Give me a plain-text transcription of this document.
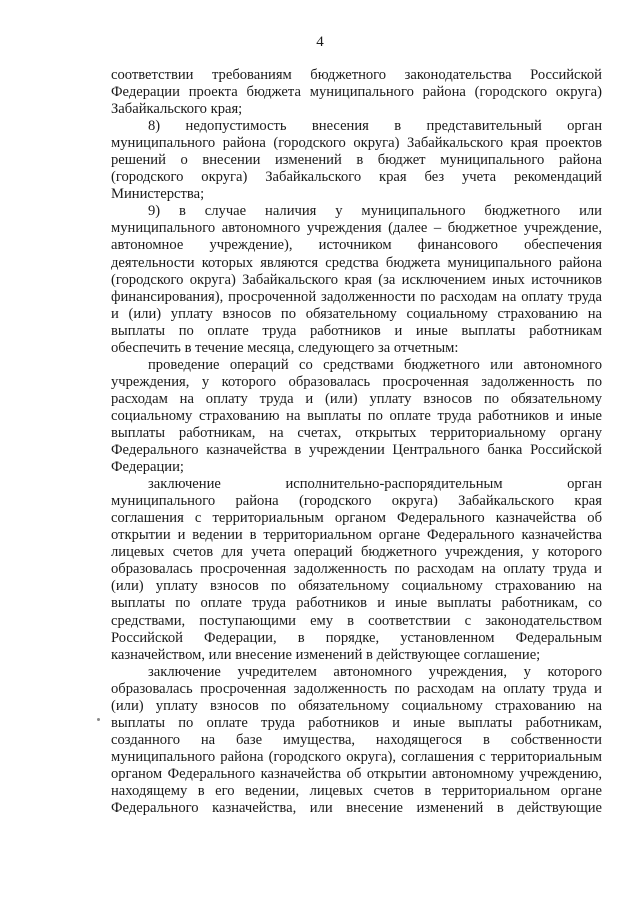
4
соответствии требованиям бюджетного законодательства Российской
Федерации проекта бюджета муниципального района (городского округа)
Забайкальского края;
8) недопустимость внесения в представительный орган
муниципального района (городского округа) Забайкальского края проектов
решений о внесении изменений в бюджет муниципального района
(городского округа) Забайкальского края без учета рекомендаций
Министерства;
9) в случае наличия у муниципального бюджетного или
муниципального автономного учреждения (далее – бюджетное учреждение,
автономное учреждение), источником финансового обеспечения
деятельности которых являются средства бюджета муниципального района
(городского округа) Забайкальского края (за исключением иных источников
финансирования), просроченной задолженности по расходам на оплату труда
и (или) уплату взносов по обязательному социальному страхованию на
выплаты по оплате труда работников и иные выплаты работникам
обеспечить в течение месяца, следующего за отчетным:
проведение операций со средствами бюджетного или автономного
учреждения, у которого образовалась просроченная задолженность по
расходам на оплату труда и (или) уплату взносов по обязательному
социальному страхованию на выплаты по оплате труда работников и иные
выплаты работникам, на счетах, открытых территориальному органу
Федерального казначейства в учреждении Центрального банка Российской
Федерации;
заключение исполнительно-распорядительным орган
муниципального района (городского округа) Забайкальского края
соглашения с территориальным органом Федерального казначейства об
открытии и ведении в территориальном органе Федерального казначейства
лицевых счетов для учета операций бюджетного учреждения, у которого
образовалась просроченная задолженность по расходам на оплату труда и
(или) уплату взносов по обязательному социальному страхованию на
выплаты по оплате труда работников и иные выплаты работникам, со
средствами, поступающими ему в соответствии с законодательством
Российской Федерации, в порядке, установленном Федеральным
казначейством, или внесение изменений в действующее соглашение;
заключение учредителем автономного учреждения, у которого
образовалась просроченная задолженность по расходам на оплату труда и
(или) уплату взносов по обязательному социальному страхованию на
выплаты по оплате труда работников и иные выплаты работникам,
созданного на базе имущества, находящегося в собственности
муниципального района (городского округа), соглашения с территориальным
органом Федерального казначейства об открытии автономному учреждению,
находящему в его ведении, лицевых счетов в территориальном органе
Федерального казначейства, или внесение изменений в действующие
